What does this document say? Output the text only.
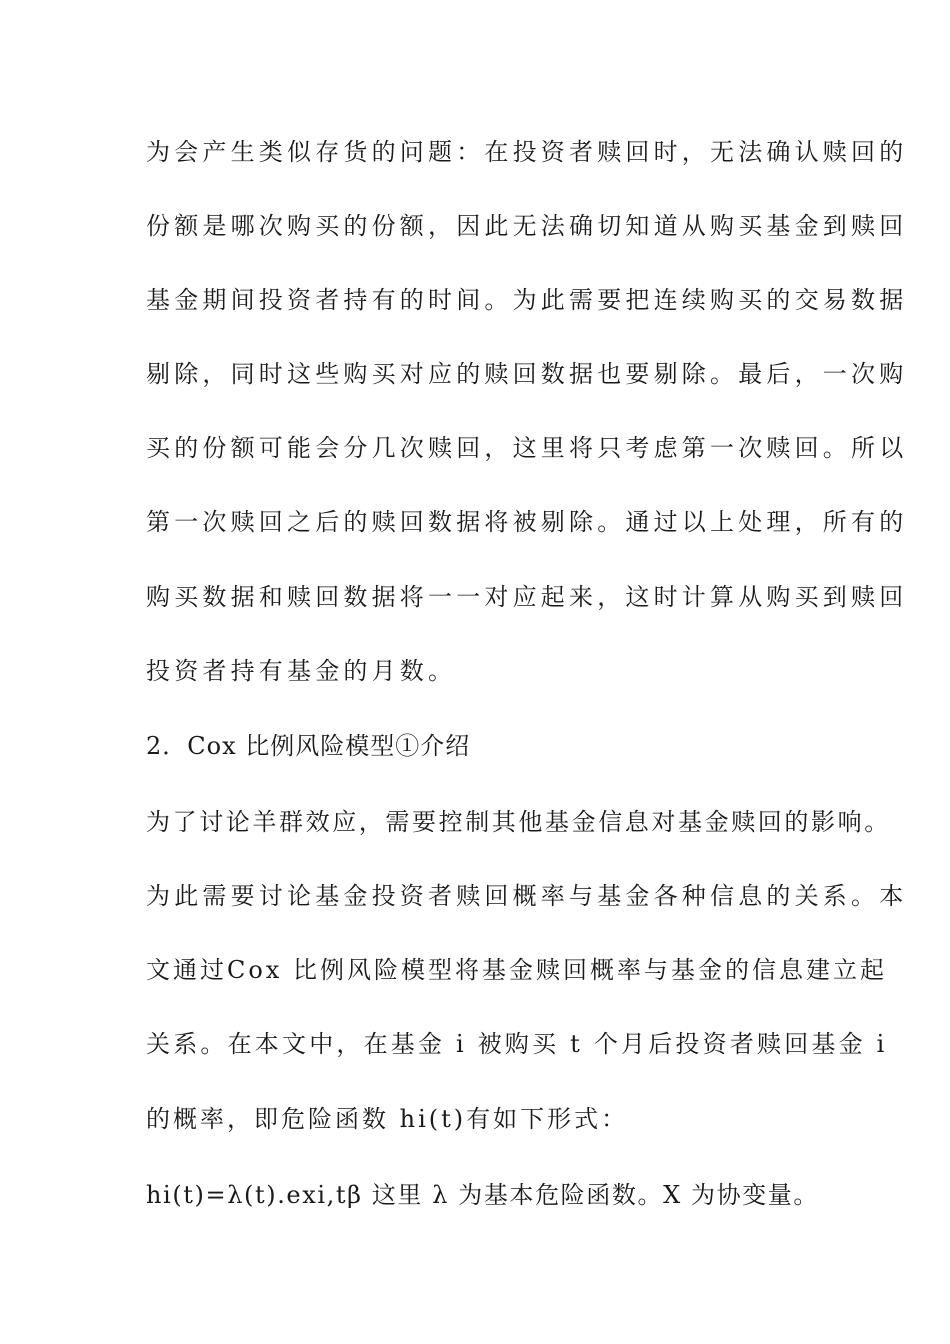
为会产生类似存货的问题：在投资者赎回时，无法确认赎回的
份额是哪次购买的份额，因此无法确切知道从购买基金到赎回
基金期间投资者持有的时间。为此需要把连续购买的交易数据
剔除，同时这些购买对应的赎回数据也要剔除。最后，一次购
买的份额可能会分几次赎回，这里将只考虑第一次赎回。所以
第一次赎回之后的赎回数据将被剔除。通过以上处理，所有的
购买数据和赎回数据将一一对应起来，这时计算从购买到赎回
投资者持有基金的月数。
2．Cox 比例风险模型①介绍
为了讨论羊群效应，需要控制其他基金信息对基金赎回的影响。
为此需要讨论基金投资者赎回概率与基金各种信息的关系。本
文通过Cox 比例风险模型将基金赎回概率与基金的信息建立起
关系。在本文中，在基金 i 被购买 t 个月后投资者赎回基金 i
的概率，即危险函数 hi(t)有如下形式：
hi(t)=λ(t).exi,tβ 这里 λ 为基本危险函数。X 为协变量。
